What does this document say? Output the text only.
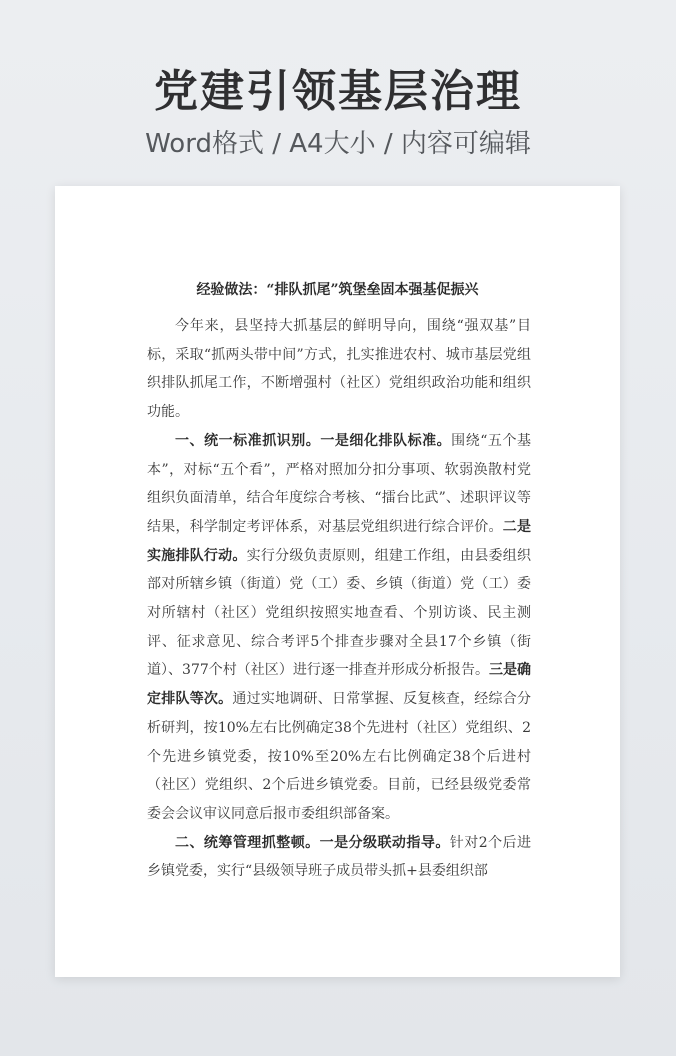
党建引领基层治理
Word格式 / A4大小 / 内容可编辑
经验做法：“排队抓尾”筑堡垒固本强基促振兴

今年来，县坚持大抓基层的鲜明导向，围绕“强双基”目标，采取“抓两头带中间”方式，扎实推进农村、城市基层党组织排队抓尾工作，不断增强村（社区）党组织政治功能和组织功能。

一、统一标准抓识别。一是细化排队标准。围绕“五个基本”，对标“五个看”，严格对照加分扣分事项、软弱涣散村党组织负面清单，结合年度综合考核、“擂台比武”、述职评议等结果，科学制定考评体系，对基层党组织进行综合评价。二是实施排队行动。实行分级负责原则，组建工作组，由县委组织部对所辖乡镇（街道）党（工）委、乡镇（街道）党（工）委对所辖村（社区）党组织按照实地查看、个别访谈、民主测评、征求意见、综合考评5个排查步骤对全县17个乡镇（街道）、377个村（社区）进行逐一排查并形成分析报告。三是确定排队等次。通过实地调研、日常掌握、反复核查，经综合分析研判，按10%左右比例确定38个先进村（社区）党组织、2个先进乡镇党委，按10%至20%左右比例确定38个后进村（社区）党组织、2个后进乡镇党委。目前，已经县级党委常委会会议审议同意后报市委组织部备案。

二、统筹管理抓整顿。一是分级联动指导。针对2个后进乡镇党委，实行“县级领导班子成员带头抓+县委组织部
